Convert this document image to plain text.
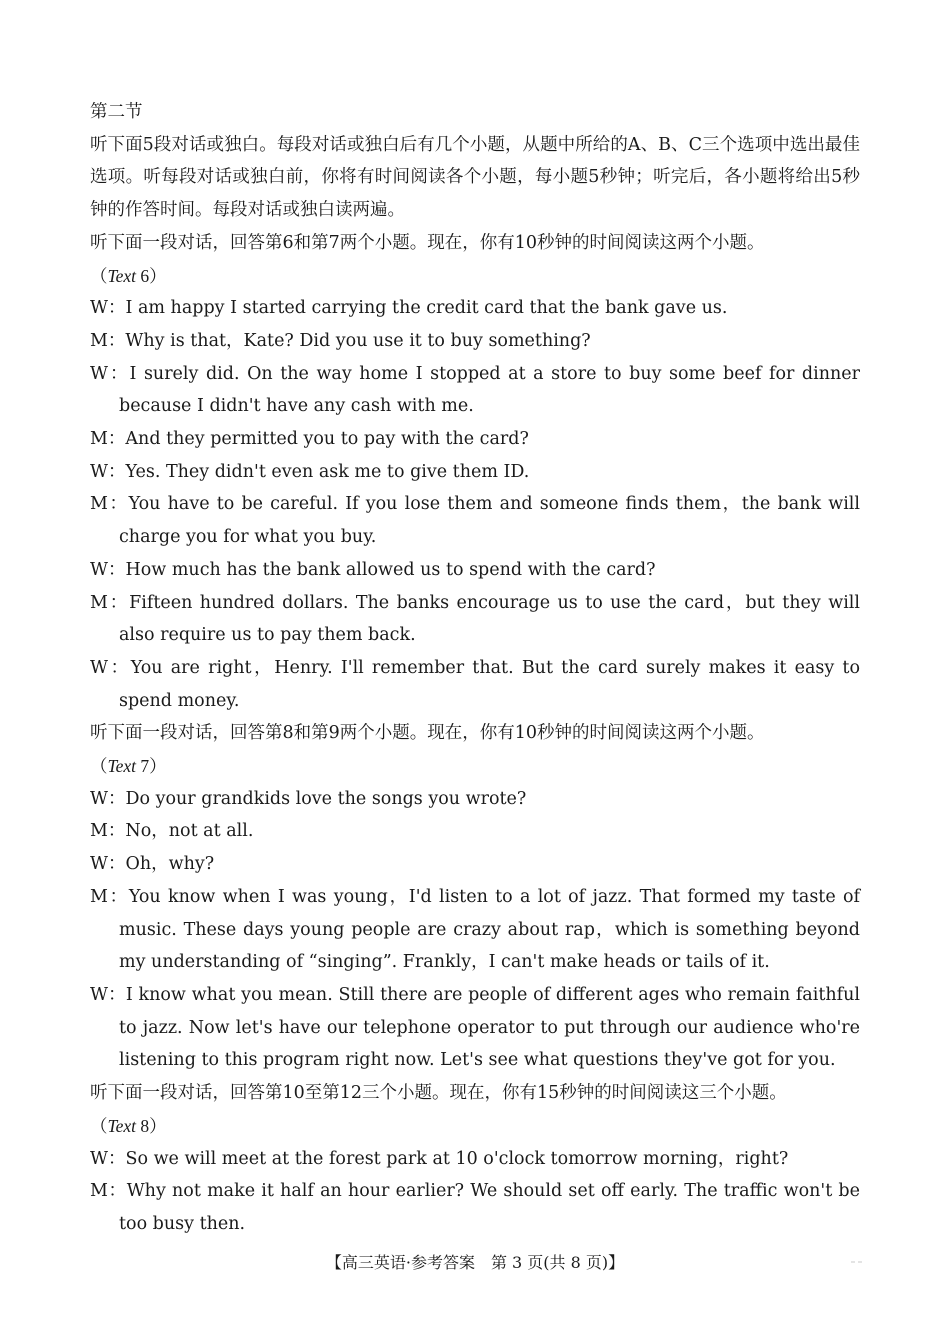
第二节

听下面5段对话或独白。每段对话或独白后有几个小题，从题中所给的A、B、C三个选项中选出最佳选项。听每段对话或独白前，你将有时间阅读各个小题，每小题5秒钟；听完后，各小题将给出5秒钟的作答时间。每段对话或独白读两遍。

听下面一段对话，回答第6和第7两个小题。现在，你有10秒钟的时间阅读这两个小题。

（Text 6）

W：I am happy I started carrying the credit card that the bank gave us.

M：Why is that，Kate? Did you use it to buy something?

W：I surely did. On the way home I stopped at a store to buy some beef for dinner because I didn't have any cash with me.

M：And they permitted you to pay with the card?

W：Yes. They didn't even ask me to give them ID.

M：You have to be careful. If you lose them and someone finds them，the bank will charge you for what you buy.

W：How much has the bank allowed us to spend with the card?

M：Fifteen hundred dollars. The banks encourage us to use the card，but they will also require us to pay them back.

W：You are right，Henry. I'll remember that. But the card surely makes it easy to spend money.

听下面一段对话，回答第8和第9两个小题。现在，你有10秒钟的时间阅读这两个小题。

（Text 7）

W：Do your grandkids love the songs you wrote?

M：No，not at all.

W：Oh，why?

M：You know when I was young，I'd listen to a lot of jazz. That formed my taste of music. These days young people are crazy about rap，which is something beyond my understanding of “singing”. Frankly，I can't make heads or tails of it.

W：I know what you mean. Still there are people of different ages who remain faithful to jazz. Now let's have our telephone operator to put through our audience who're listening to this program right now. Let's see what questions they've got for you.

听下面一段对话，回答第10至第12三个小题。现在，你有15秒钟的时间阅读这三个小题。

（Text 8）

W：So we will meet at the forest park at 10 o'clock tomorrow morning，right?

M：Why not make it half an hour earlier? We should set off early. The traffic won't be too busy then.

【高三英语·参考答案　第 3 页(共 8 页)】
